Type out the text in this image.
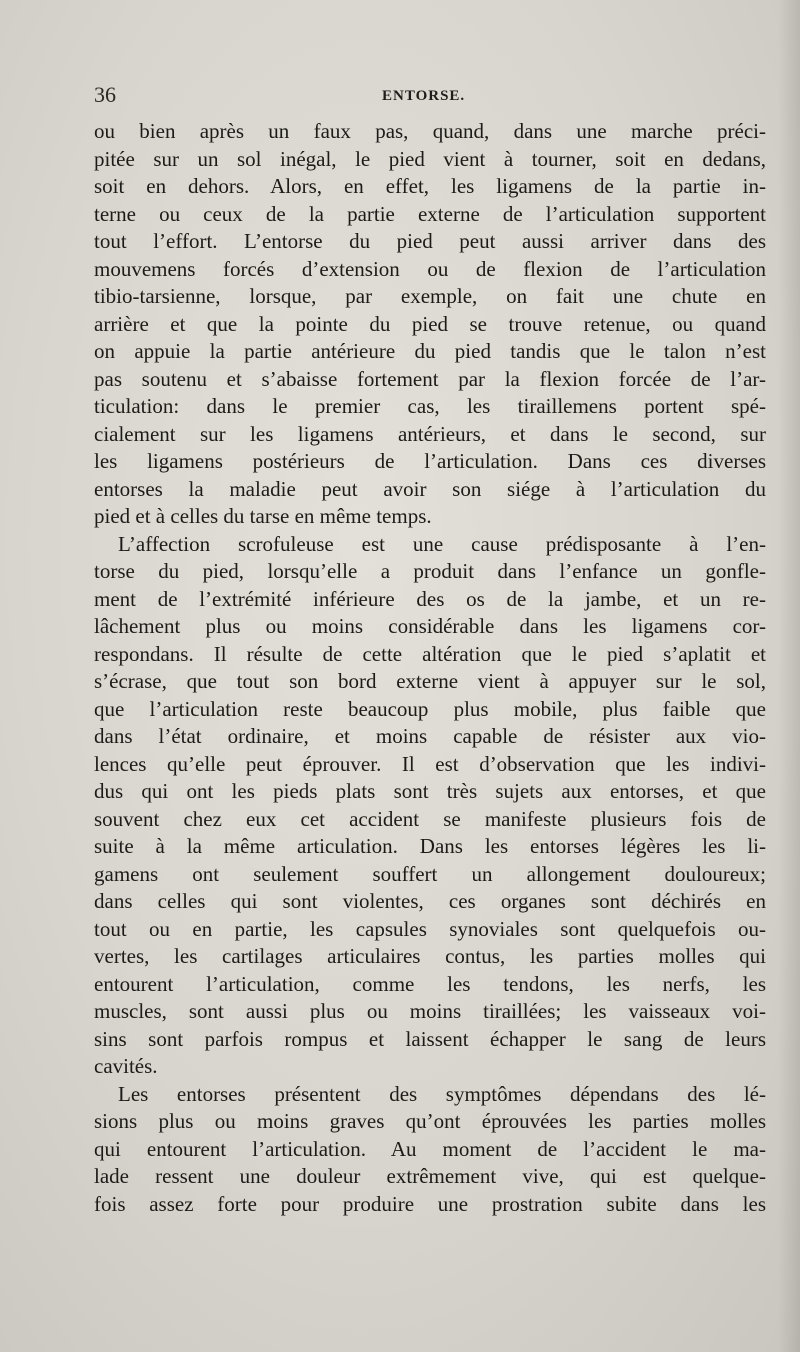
36	ENTORSE.
ou bien après un faux pas, quand, dans une marche préci-
pitée sur un sol inégal, le pied vient à tourner, soit en dedans,
soit en dehors. Alors, en effet, les ligamens de la partie in-
terne ou ceux de la partie externe de l’articulation supportent
tout l’effort. L’entorse du pied peut aussi arriver dans des
mouvemens forcés d’extension ou de flexion de l’articulation
tibio-tarsienne, lorsque, par exemple, on fait une chute en
arrière et que la pointe du pied se trouve retenue, ou quand
on appuie la partie antérieure du pied tandis que le talon n’est
pas soutenu et s’abaisse fortement par la flexion forcée de l’ar-
ticulation: dans le premier cas, les tiraillemens portent spé-
cialement sur les ligamens antérieurs, et dans le second, sur
les ligamens postérieurs de l’articulation. Dans ces diverses
entorses la maladie peut avoir son siége à l’articulation du
pied et à celles du tarse en même temps.
L’affection scrofuleuse est une cause prédisposante à l’en-
torse du pied, lorsqu’elle a produit dans l’enfance un gonfle-
ment de l’extrémité inférieure des os de la jambe, et un re-
lâchement plus ou moins considérable dans les ligamens cor-
respondans. Il résulte de cette altération que le pied s’aplatit et
s’écrase, que tout son bord externe vient à appuyer sur le sol,
que l’articulation reste beaucoup plus mobile, plus faible que
dans l’état ordinaire, et moins capable de résister aux vio-
lences qu’elle peut éprouver. Il est d’observation que les indivi-
dus qui ont les pieds plats sont très sujets aux entorses, et que
souvent chez eux cet accident se manifeste plusieurs fois de
suite à la même articulation. Dans les entorses légères les li-
gamens ont seulement souffert un allongement douloureux;
dans celles qui sont violentes, ces organes sont déchirés en
tout ou en partie, les capsules synoviales sont quelquefois ou-
vertes, les cartilages articulaires contus, les parties molles qui
entourent l’articulation, comme les tendons, les nerfs, les
muscles, sont aussi plus ou moins tiraillées; les vaisseaux voi-
sins sont parfois rompus et laissent échapper le sang de leurs
cavités.
Les entorses présentent des symptômes dépendans des lé-
sions plus ou moins graves qu’ont éprouvées les parties molles
qui entourent l’articulation. Au moment de l’accident le ma-
lade ressent une douleur extrêmement vive, qui est quelque-
fois assez forte pour produire une prostration subite dans les
